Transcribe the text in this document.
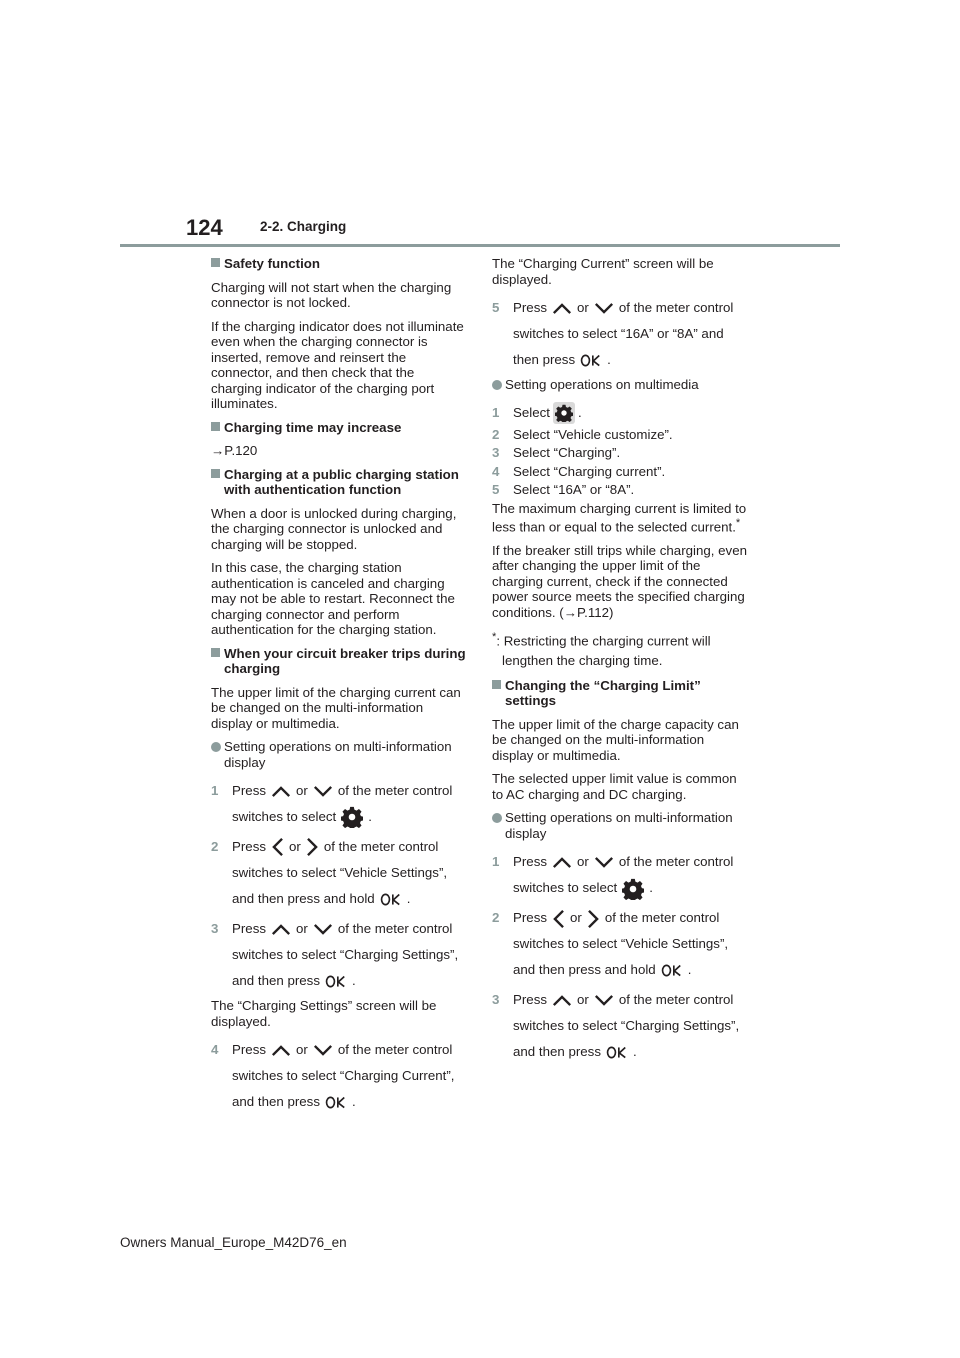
124	2-2. Charging
Safety function
Charging will not start when the charging connector is not locked.
If the charging indicator does not illuminate even when the charging connector is inserted, remove and reinsert the connector, and then check that the charging indicator of the charging port illuminates.
Charging time may increase
→P.120
Charging at a public charging station with authentication function
When a door is unlocked during charging, the charging connector is unlocked and charging will be stopped.
In this case, the charging station authentication is canceled and charging may not be able to restart. Reconnect the charging connector and perform authentication for the charging station.
When your circuit breaker trips during charging
The upper limit of the charging current can be changed on the multi-information display or multimedia.
Setting operations on multi-information display
1 Press or of the meter control switches to select .
2 Press or of the meter control switches to select “Vehicle Settings”, and then press and hold .
3 Press or of the meter control switches to select “Charging Settings”, and then press .
The “Charging Settings” screen will be displayed.
4 Press or of the meter control switches to select “Charging Current”, and then press .
The “Charging Current” screen will be displayed.
5 Press or of the meter control switches to select “16A” or “8A” and then press .
Setting operations on multimedia
1 Select .
2 Select “Vehicle customize”.
3 Select “Charging”.
4 Select “Charging current”.
5 Select “16A” or “8A”.
The maximum charging current is limited to less than or equal to the selected current.*
If the breaker still trips while charging, even after changing the upper limit of the charging current, check if the connected power source meets the specified charging conditions. (→P.112)
*: Restricting the charging current will lengthen the charging time.
Changing the “Charging Limit” settings
The upper limit of the charge capacity can be changed on the multi-information display or multimedia.
The selected upper limit value is common to AC charging and DC charging.
Setting operations on multi-information display
1 Press or of the meter control switches to select .
2 Press or of the meter control switches to select “Vehicle Settings”, and then press and hold .
3 Press or of the meter control switches to select “Charging Settings”, and then press .
Owners Manual_Europe_M42D76_en
